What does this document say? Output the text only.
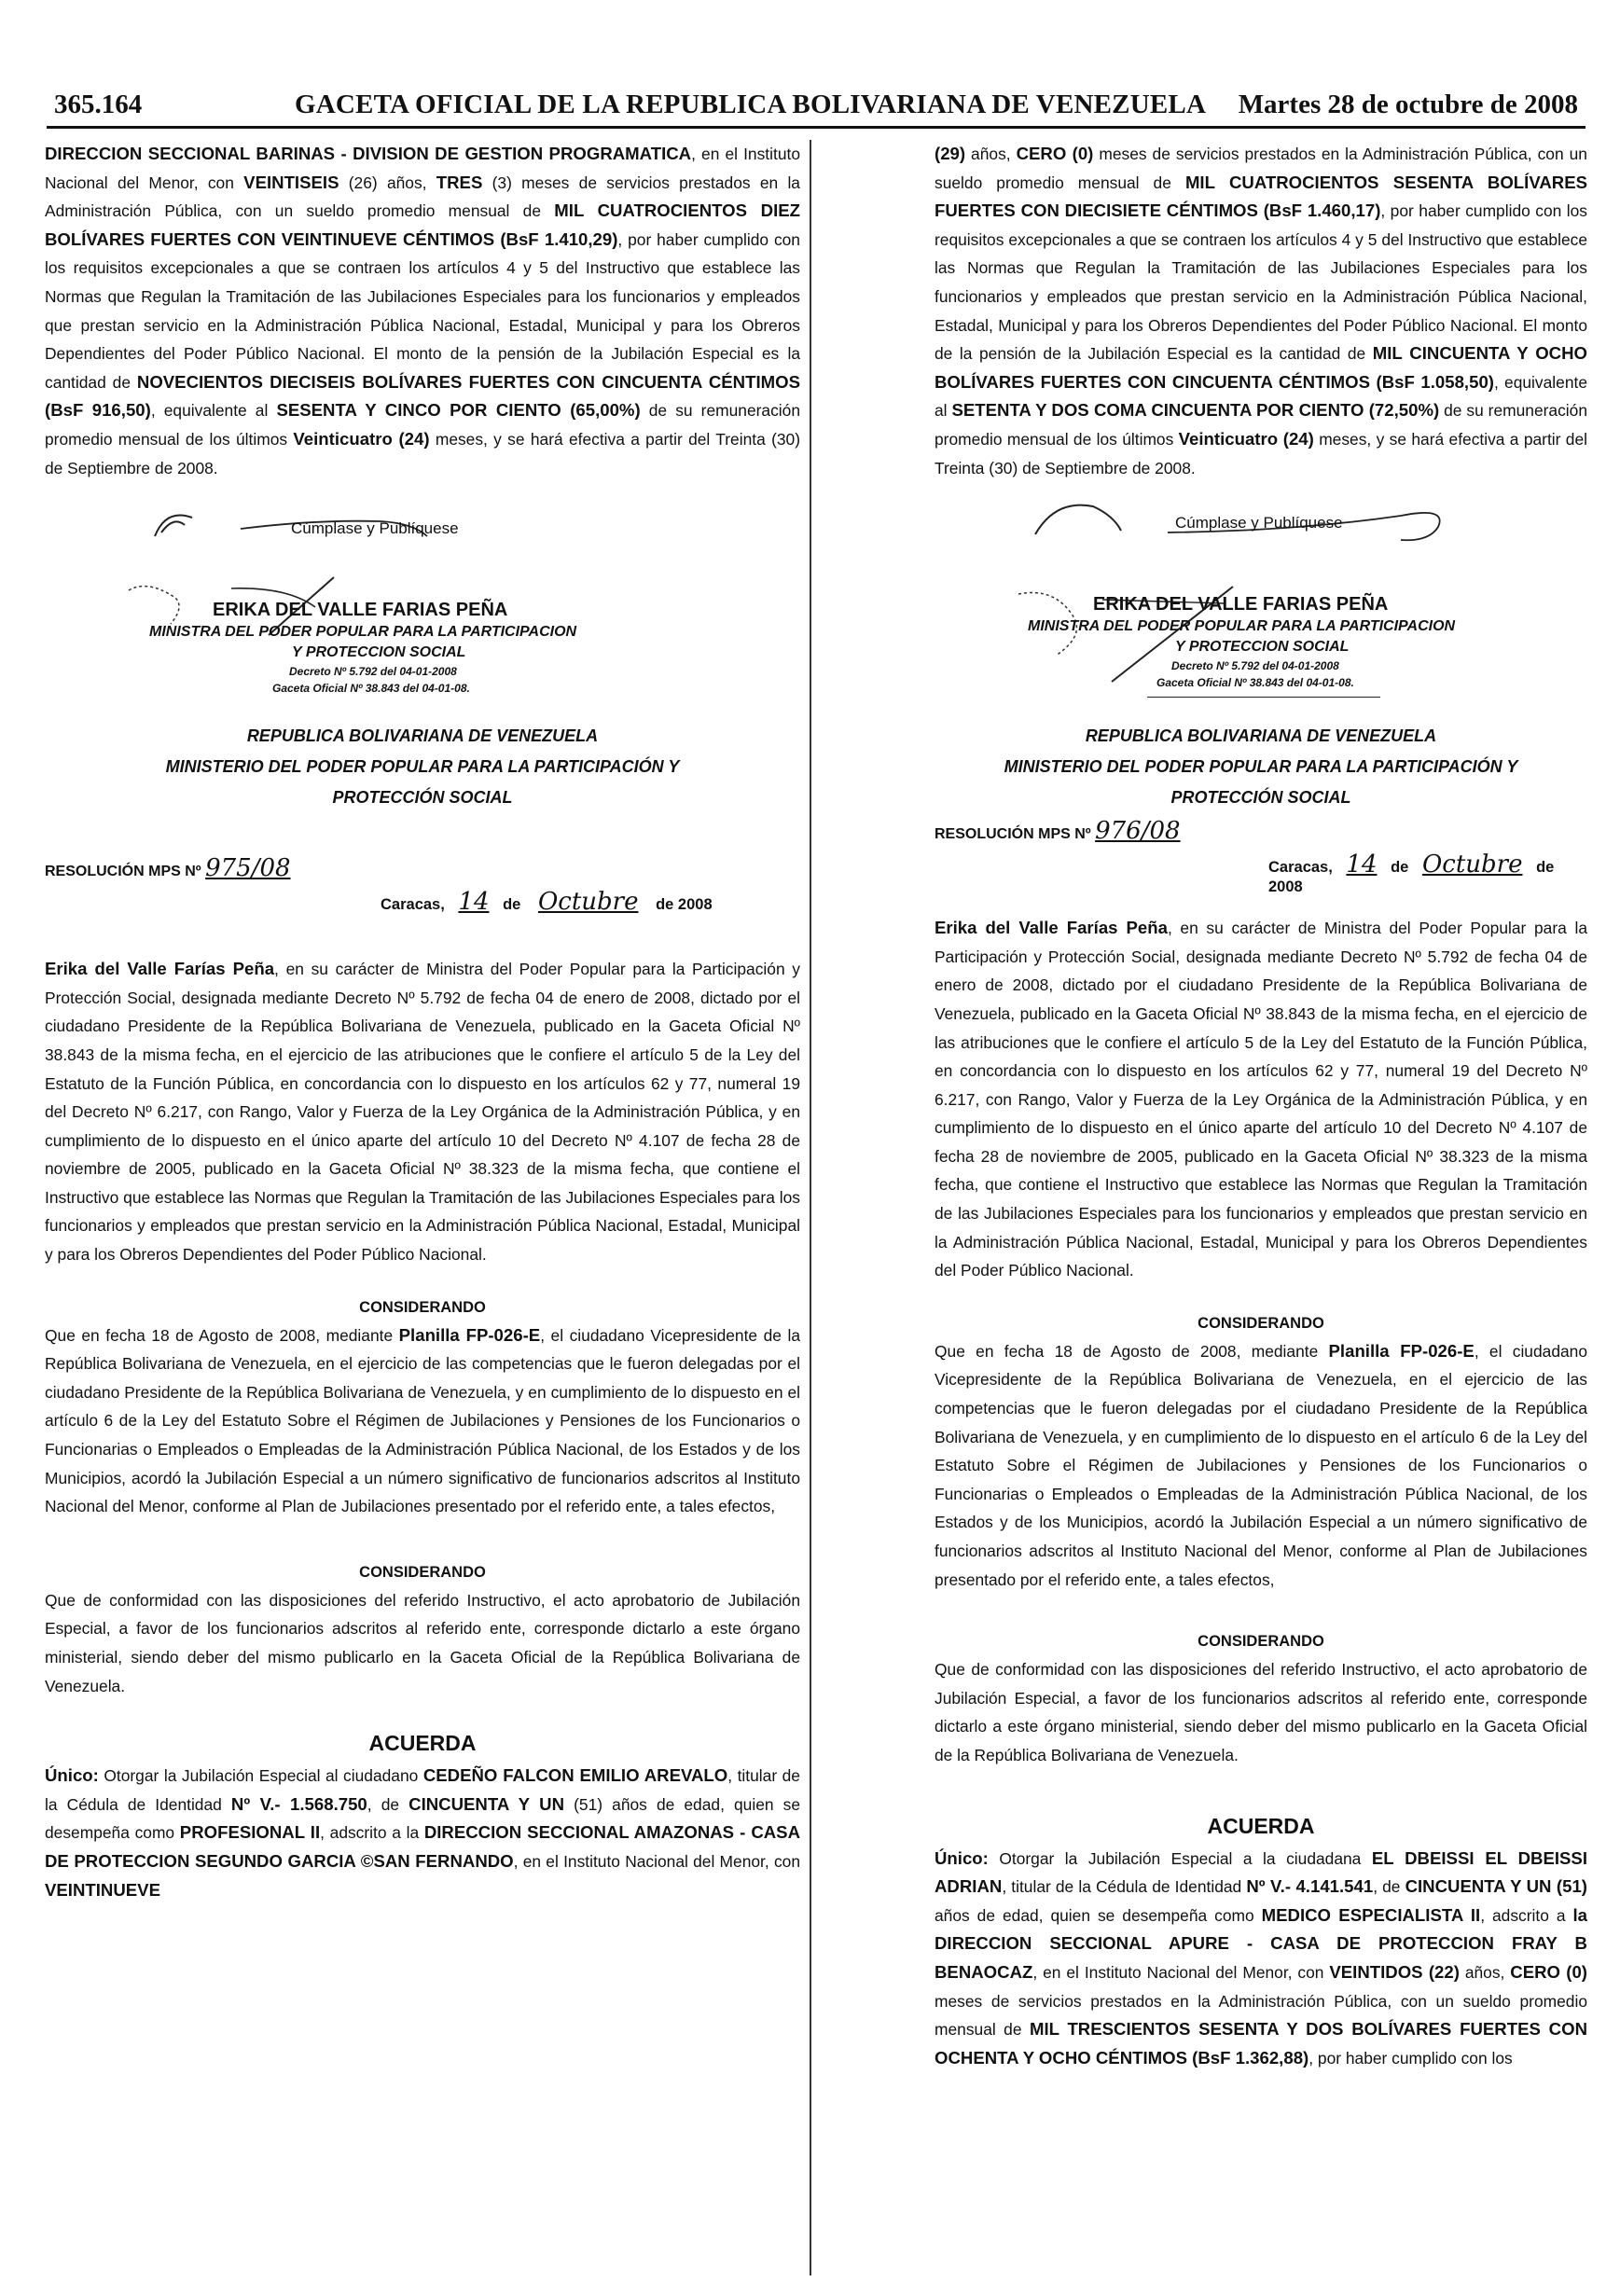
365.164	GACETA OFICIAL DE LA REPUBLICA BOLIVARIANA DE VENEZUELA Martes 28 de octubre de 2008

DIRECCION SECCIONAL BARINAS - DIVISION DE GESTION PROGRAMATICA, en el Instituto Nacional del Menor, con VEINTISEIS (26) años, TRES (3) meses de servicios prestados en la Administración Pública, con un sueldo promedio mensual de MIL CUATROCIENTOS DIEZ BOLÍVARES FUERTES CON VEINTINUEVE CÉNTIMOS (BsF 1.410,29), por haber cumplido con los requisitos excepcionales a que se contraen los artículos 4 y 5 del Instructivo que establece las Normas que Regulan la Tramitación de las Jubilaciones Especiales para los funcionarios y empleados que prestan servicio en la Administración Pública Nacional, Estadal, Municipal y para los Obreros Dependientes del Poder Público Nacional. El monto de la pensión de la Jubilación Especial es la cantidad de NOVECIENTOS DIECISEIS BOLÍVARES FUERTES CON CINCUENTA CÉNTIMOS (BsF 916,50), equivalente al SESENTA Y CINCO POR CIENTO (65,00%) de su remuneración promedio mensual de los últimos Veinticuatro (24) meses, y se hará efectiva a partir del Treinta (30) de Septiembre de 2008.

Cúmplase y Publíquese
ERIKA DEL VALLE FARIAS PEÑA
MINISTRA DEL PODER POPULAR PARA LA PARTICIPACION
Y PROTECCION SOCIAL
Decreto Nº 5.792 del 04-01-2008
Gaceta Oficial Nº 38.843 del 04-01-08.
REPUBLICA BOLIVARIANA DE VENEZUELA
MINISTERIO DEL PODER POPULAR PARA LA PARTICIPACIÓN Y
PROTECCIÓN SOCIAL
RESOLUCIÓN MPS Nº 975/08
Caracas, 14 de Octubre de 2008

Erika del Valle Farías Peña, en su carácter de Ministra del Poder Popular para la Participación y Protección Social, designada mediante Decreto Nº 5.792 de fecha 04 de enero de 2008, dictado por el ciudadano Presidente de la República Bolivariana de Venezuela, publicado en la Gaceta Oficial Nº 38.843 de la misma fecha, en el ejercicio de las atribuciones que le confiere el artículo 5 de la Ley del Estatuto de la Función Pública, en concordancia con lo dispuesto en los artículos 62 y 77, numeral 19 del Decreto Nº 6.217, con Rango, Valor y Fuerza de la Ley Orgánica de la Administración Pública, y en cumplimiento de lo dispuesto en el único aparte del artículo 10 del Decreto Nº 4.107 de fecha 28 de noviembre de 2005, publicado en la Gaceta Oficial Nº 38.323 de la misma fecha, que contiene el Instructivo que establece las Normas que Regulan la Tramitación de las Jubilaciones Especiales para los funcionarios y empleados que prestan servicio en la Administración Pública Nacional, Estadal, Municipal y para los Obreros Dependientes del Poder Público Nacional.

CONSIDERANDO

Que en fecha 18 de Agosto de 2008, mediante Planilla FP-026-E, el ciudadano Vicepresidente de la República Bolivariana de Venezuela, en el ejercicio de las competencias que le fueron delegadas por el ciudadano Presidente de la República Bolivariana de Venezuela, y en cumplimiento de lo dispuesto en el artículo 6 de la Ley del Estatuto Sobre el Régimen de Jubilaciones y Pensiones de los Funcionarios o Funcionarias o Empleados o Empleadas de la Administración Pública Nacional, de los Estados y de los Municipios, acordó la Jubilación Especial a un número significativo de funcionarios adscritos al Instituto Nacional del Menor, conforme al Plan de Jubilaciones presentado por el referido ente, a tales efectos,

CONSIDERANDO

Que de conformidad con las disposiciones del referido Instructivo, el acto aprobatorio de Jubilación Especial, a favor de los funcionarios adscritos al referido ente, corresponde dictarlo a este órgano ministerial, siendo deber del mismo publicarlo en la Gaceta Oficial de la República Bolivariana de Venezuela.

ACUERDA

Único: Otorgar la Jubilación Especial al ciudadano CEDEÑO FALCON EMILIO AREVALO, titular de la Cédula de Identidad Nº V.- 1.568.750, de CINCUENTA Y UN (51) años de edad, quien se desempeña como PROFESIONAL II, adscrito a la DIRECCION SECCIONAL AMAZONAS - CASA DE PROTECCION SEGUNDO GARCIA ©SAN FERNANDO, en el Instituto Nacional del Menor, con VEINTINUEVE

(29) años, CERO (0) meses de servicios prestados en la Administración Pública, con un sueldo promedio mensual de MIL CUATROCIENTOS SESENTA BOLÍVARES FUERTES CON DIECISIETE CÉNTIMOS (BsF 1.460,17), por haber cumplido con los requisitos excepcionales a que se contraen los artículos 4 y 5 del Instructivo que establece las Normas que Regulan la Tramitación de las Jubilaciones Especiales para los funcionarios y empleados que prestan servicio en la Administración Pública Nacional, Estadal, Municipal y para los Obreros Dependientes del Poder Público Nacional. El monto de la pensión de la Jubilación Especial es la cantidad de MIL CINCUENTA Y OCHO BOLÍVARES FUERTES CON CINCUENTA CÉNTIMOS (BsF 1.058,50), equivalente al SETENTA Y DOS COMA CINCUENTA POR CIENTO (72,50%) de su remuneración promedio mensual de los últimos Veinticuatro (24) meses, y se hará efectiva a partir del Treinta (30) de Septiembre de 2008.

Cúmplase y Publíquese
ERIKA DEL VALLE FARIAS PEÑA
MINISTRA DEL PODER POPULAR PARA LA PARTICIPACION
Y PROTECCION SOCIAL
Decreto Nº 5.792 del 04-01-2008
Gaceta Oficial Nº 38.843 del 04-01-08.
REPUBLICA BOLIVARIANA DE VENEZUELA
MINISTERIO DEL PODER POPULAR PARA LA PARTICIPACIÓN Y
PROTECCIÓN SOCIAL
RESOLUCIÓN MPS Nº 976/08
Caracas, 14 de Octubre de 2008

Erika del Valle Farías Peña, en su carácter de Ministra del Poder Popular para la Participación y Protección Social, designada mediante Decreto Nº 5.792 de fecha 04 de enero de 2008, dictado por el ciudadano Presidente de la República Bolivariana de Venezuela, publicado en la Gaceta Oficial Nº 38.843 de la misma fecha, en el ejercicio de las atribuciones que le confiere el artículo 5 de la Ley del Estatuto de la Función Pública, en concordancia con lo dispuesto en los artículos 62 y 77, numeral 19 del Decreto Nº 6.217, con Rango, Valor y Fuerza de la Ley Orgánica de la Administración Pública, y en cumplimiento de lo dispuesto en el único aparte del artículo 10 del Decreto Nº 4.107 de fecha 28 de noviembre de 2005, publicado en la Gaceta Oficial Nº 38.323 de la misma fecha, que contiene el Instructivo que establece las Normas que Regulan la Tramitación de las Jubilaciones Especiales para los funcionarios y empleados que prestan servicio en la Administración Pública Nacional, Estadal, Municipal y para los Obreros Dependientes del Poder Público Nacional.

CONSIDERANDO

Que en fecha 18 de Agosto de 2008, mediante Planilla FP-026-E, el ciudadano Vicepresidente de la República Bolivariana de Venezuela, en el ejercicio de las competencias que le fueron delegadas por el ciudadano Presidente de la República Bolivariana de Venezuela, y en cumplimiento de lo dispuesto en el artículo 6 de la Ley del Estatuto Sobre el Régimen de Jubilaciones y Pensiones de los Funcionarios o Funcionarias o Empleados o Empleadas de la Administración Pública Nacional, de los Estados y de los Municipios, acordó la Jubilación Especial a un número significativo de funcionarios adscritos al Instituto Nacional del Menor, conforme al Plan de Jubilaciones presentado por el referido ente, a tales efectos,

CONSIDERANDO

Que de conformidad con las disposiciones del referido Instructivo, el acto aprobatorio de Jubilación Especial, a favor de los funcionarios adscritos al referido ente, corresponde dictarlo a este órgano ministerial, siendo deber del mismo publicarlo en la Gaceta Oficial de la República Bolivariana de Venezuela.

ACUERDA

Único: Otorgar la Jubilación Especial a la ciudadana EL DBEISSI EL DBEISSI ADRIAN, titular de la Cédula de Identidad Nº V.- 4.141.541, de CINCUENTA Y UN (51) años de edad, quien se desempeña como MEDICO ESPECIALISTA II, adscrito a la DIRECCION SECCIONAL APURE - CASA DE PROTECCION FRAY B BENAOCAZ, en el Instituto Nacional del Menor, con VEINTIDOS (22) años, CERO (0) meses de servicios prestados en la Administración Pública, con un sueldo promedio mensual de MIL TRESCIENTOS SESENTA Y DOS BOLÍVARES FUERTES CON OCHENTA Y OCHO CÉNTIMOS (BsF 1.362,88), por haber cumplido con los
